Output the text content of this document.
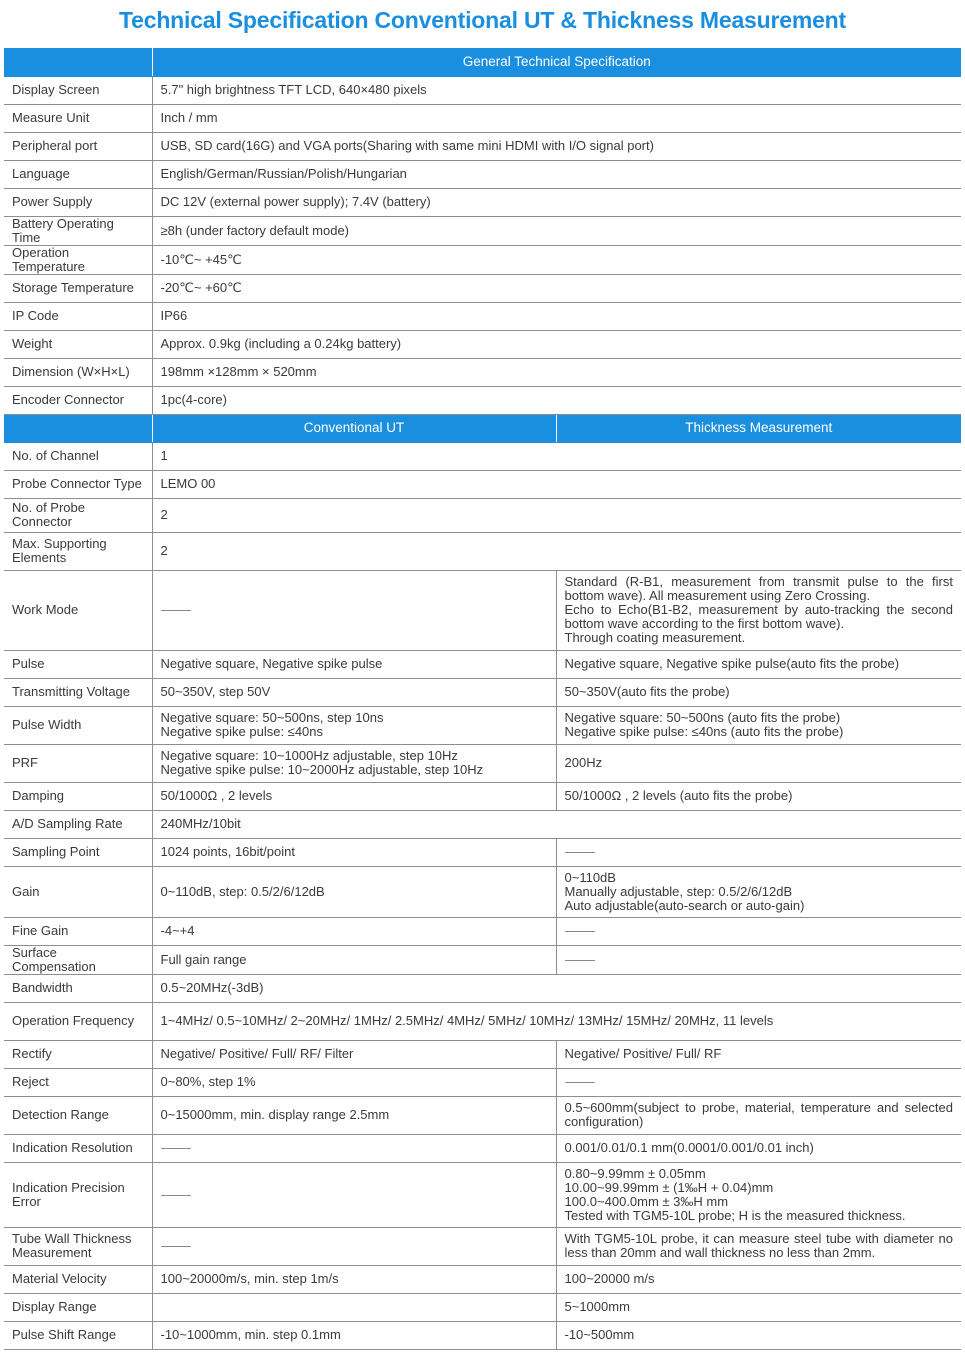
Technical Specification Conventional UT & Thickness Measurement
	General Technical Specification	
Display Screen	5.7" high brightness TFT LCD, 640×480 pixels	
Measure Unit	Inch / mm	
Peripheral port	USB, SD card(16G) and VGA ports(Sharing with same mini HDMI with I/O signal port)	
Language	English/German/Russian/Polish/Hungarian	
Power Supply	DC 12V (external power supply); 7.4V (battery)	
Battery Operating Time	≥8h (under factory default mode)	
Operation Temperature	-10℃~ +45℃	
Storage Temperature	-20℃~ +60℃	
IP Code	IP66	
Weight	Approx. 0.9kg (including a 0.24kg battery)	
Dimension (W×H×L)	198mm ×128mm × 520mm	
Encoder Connector	1pc(4-core)	
	Conventional UT	Thickness Measurement
No. of Channel	1	
Probe Connector Type	LEMO 00	
No. of Probe Connector	2	
Max. Supporting Elements	2	
Work Mode		Standard (R-B1, measurement from transmit pulse to the first bottom wave). All measurement using Zero Crossing.
Echo to Echo(B1-B2, measurement by auto-tracking the second bottom wave according to the first bottom wave).
Through coating measurement.

Pulse	Negative square, Negative spike pulse	Negative square, Negative spike pulse(auto fits the probe)
Transmitting Voltage	50~350V, step 50V	50~350V(auto fits the probe)
Pulse Width	Negative square: 50~500ns, step 10ns
Negative spike pulse: ≤40ns	Negative square: 50~500ns (auto fits the probe)
Negative spike pulse: ≤40ns (auto fits the probe)

PRF	Negative square: 10~1000Hz adjustable, step 10Hz
Negative spike pulse: 10~2000Hz adjustable, step 10Hz	200Hz
Damping	50/1000Ω , 2 levels	50/1000Ω , 2 levels (auto fits the probe)
A/D Sampling Rate	240MHz/10bit	
Sampling Point	1024 points, 16bit/point	
Gain	0~110dB, step: 0.5/2/6/12dB	0~110dB
Manually adjustable, step: 0.5/2/6/12dB
Auto adjustable(auto-search or auto-gain)

Fine Gain	-4~+4	
Surface Compensation	Full gain range	
Bandwidth	0.5~20MHz(-3dB)	
Operation Frequency	1~4MHz/ 0.5~10MHz/ 2~20MHz/ 1MHz/ 2.5MHz/ 4MHz/ 5MHz/ 10MHz/ 13MHz/ 15MHz/ 20MHz, 11 levels	
Rectify	Negative/ Positive/ Full/ RF/ Filter	Negative/ Positive/ Full/ RF
Reject	0~80%, step 1%	
Detection Range	0~15000mm, min. display range 2.5mm	0.5~600mm(subject to probe, material, temperature and selected configuration)
Indication Resolution		0.001/0.01/0.1 mm(0.0001/0.001/0.01 inch)
Indication Precision Error		0.80~9.99mm ± 0.05mm
10.00~99.99mm ± (1‰H + 0.04)mm
100.0~400.0mm ± 3‰H mm
Tested with TGM5-10L probe; H is the measured thickness.

Tube Wall Thickness Measurement		With TGM5-10L probe, it can measure steel tube with diameter no less than 20mm and wall thickness no less than 2mm.
Material Velocity	100~20000m/s, min. step 1m/s	100~20000 m/s
Display Range		5~1000mm
Pulse Shift Range	-10~1000mm, min. step 0.1mm	-10~500mm
